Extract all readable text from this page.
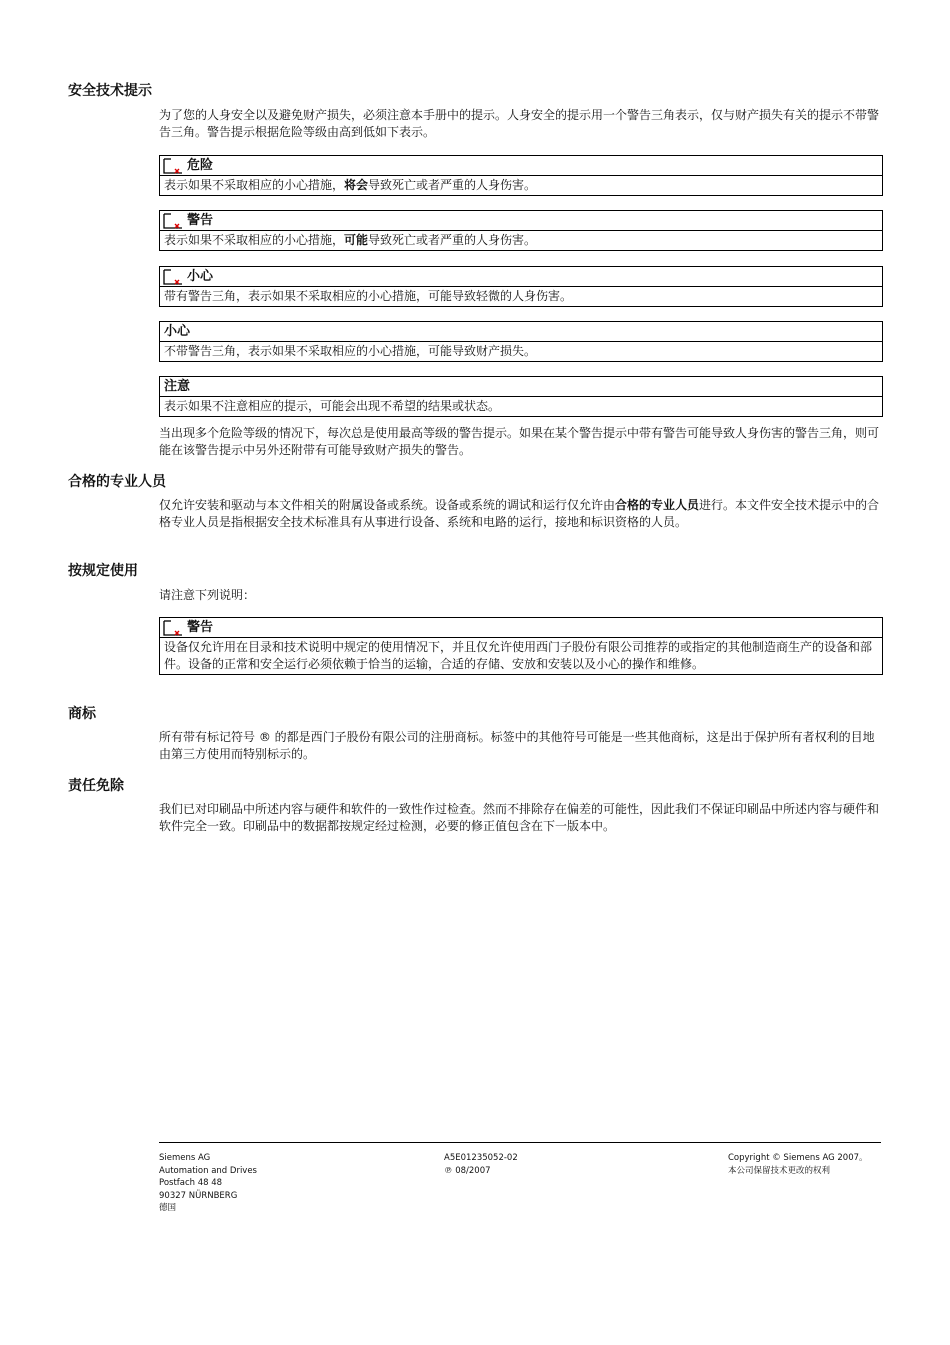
安全技术提示

为了您的人身安全以及避免财产损失，必须注意本手册中的提示。人身安全的提示用一个警告三角表示，仅与财产损失有关的提示不带警告三角。警告提示根据危险等级由高到低如下表示。

危险
表示如果不采取相应的小心措施，将会导致死亡或者严重的人身伤害。
警告
表示如果不采取相应的小心措施，可能导致死亡或者严重的人身伤害。
小心
带有警告三角，表示如果不采取相应的小心措施，可能导致轻微的人身伤害。
小心
不带警告三角，表示如果不采取相应的小心措施，可能导致财产损失。
注意
表示如果不注意相应的提示，可能会出现不希望的结果或状态。

当出现多个危险等级的情况下，每次总是使用最高等级的警告提示。如果在某个警告提示中带有警告可能导致人身伤害的警告三角，则可能在该警告提示中另外还附带有可能导致财产损失的警告。

合格的专业人员

仅允许安装和驱动与本文件相关的附属设备或系统。设备或系统的调试和运行仅允许由合格的专业人员进行。本文件安全技术提示中的合格专业人员是指根据安全技术标准具有从事进行设备、系统和电路的运行，接地和标识资格的人员。

按规定使用

请注意下列说明：

警告
设备仅允许用在目录和技术说明中规定的使用情况下，并且仅允许使用西门子股份有限公司推荐的或指定的其他制造商生产的设备和部件。设备的正常和安全运行必须依赖于恰当的运输，合适的存储、安放和安装以及小心的操作和维修。
商标

所有带有标记符号 ® 的都是西门子股份有限公司的注册商标。标签中的其他符号可能是一些其他商标，这是出于保护所有者权利的目地由第三方使用而特别标示的。

责任免除

我们已对印刷品中所述内容与硬件和软件的一致性作过检查。然而不排除存在偏差的可能性，因此我们不保证印刷品中所述内容与硬件和软件完全一致。印刷品中的数据都按规定经过检测，必要的修正值包含在下一版本中。

Siemens AG
Automation and Drives
Postfach 48 48
90327 NÜRNBERG
德国
A5E01235052-02
℗ 08/2007
Copyright © Siemens AG 2007。
本公司保留技术更改的权利
